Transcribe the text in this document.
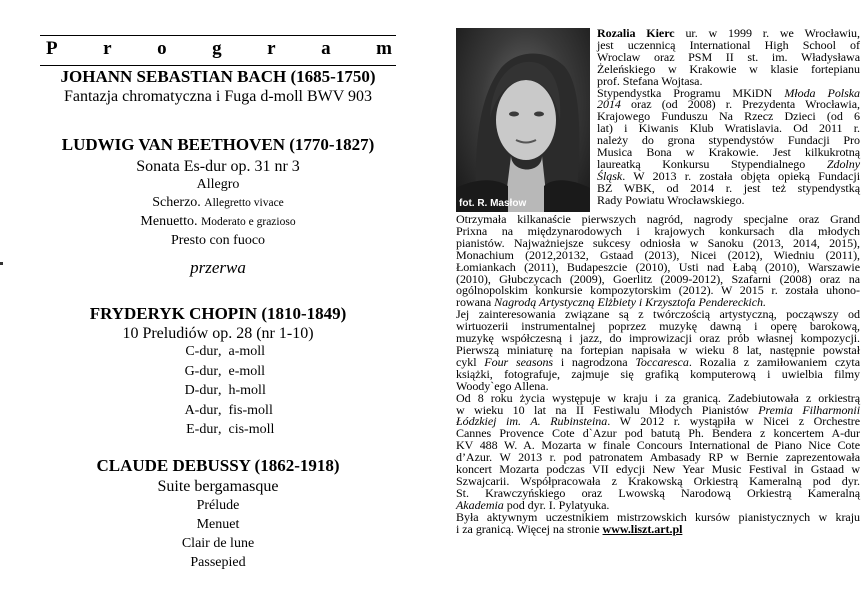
P r o g r a m
JOHANN SEBASTIAN BACH (1685-1750)
Fantazja chromatyczna i Fuga d-moll BWV 903
LUDWIG VAN BEETHOVEN (1770-1827)
Sonata Es-dur op. 31 nr 3
Allegro
Scherzo. Allegretto vivace
Menuetto. Moderato e grazioso
Presto con fuoco
przerwa
FRYDERYK CHOPIN (1810-1849)
10 Preludiów op. 28 (nr 1-10)
C-dur , a-moll
G-dur , e-moll
D-dur , h-moll
A-dur , fis-moll
E-dur , cis-moll
CLAUDE DEBUSSY (1862-1918)
Suite bergamasque
Prélude
Menuet
Clair de lune
Passepied
fot. R. Masłow
Rozalia Kierc ur. w 1999 r. we Wrocławiu,
jest uczennicą International High School of
Wroclaw oraz PSM II st. im. Władysława
Żeleńskiego w Krakowie w klasie fortepianu
prof. Stefana Wojtasa.
Stypendystka Programu MKiDN Młoda Polska
2014 oraz (od 2008) r. Prezydenta Wrocławia,
Krajowego Funduszu Na Rzecz Dzieci (od 6
lat) i Kiwanis Klub Wratislavia. Od 2011 r.
należy do grona stypendystów Fundacji Pro
Musica Bona w Krakowie. Jest kilkukrotną
laureatką Konkursu Stypendialnego Zdolny
Śląsk. W 2013 r. została objęta opieką Fundacji
BZ WBK, od 2014 r. jest też stypendystką
Rady Powiatu Wrocławskiego.
Otrzymała kilkanaście pierwszych nagród, nagrody specjalne oraz Grand
Prixna na międzynarodowych i krajowych konkursach dla młodych
pianistów. Najważniejsze sukcesy odniosła w Sanoku (2013, 2014, 2015),
Monachium (2012,20132, Gstaad (2013), Nicei (2012), Wiedniu (2011),
Łomiankach (2011), Budapeszcie (2010), Usti nad Łabą (2010), Warszawie
(2010), Głubczycach (2009), Goerlitz (2009-2012), Szafarni (2008) oraz na
ogólnopolskim konkursie kompozytorskim (2012). W 2015 r. została uhono-
rowana Nagrodą Artystyczną Elżbiety i Krzysztofa Pendereckich.
Jej zainteresowania związane są z twórczością artystyczną, począwszy od
wirtuozerii instrumentalnej poprzez muzykę dawną i operę barokową,
muzykę współczesną i jazz, do improwizacji oraz prób własnej kompozycji.
Pierwszą miniaturę na fortepian napisała w wieku 8 lat, następnie powstał
cykl Four seasons i nagrodzona Toccaresca. Rozalia z zamiłowaniem czyta
książki, fotografuje, zajmuje się grafiką komputerową i uwielbia filmy
Woody`ego Allena.
Od 8 roku życia występuje w kraju i za granicą. Zadebiutowała z orkiestrą
w wieku 10 lat na II Festiwalu Młodych Pianistów Premia Filharmonii
Łódzkiej im. A. Rubinsteina. W 2012 r. wystąpiła w Nicei z Orchestre
Cannes Provence Cote d`Azur pod batutą Ph. Bendera z koncertem A-dur
KV 488 W. A. Mozarta w finale Concours International de Piano Nice Cote
d’Azur. W 2013 r. pod patronatem Ambasady RP w Bernie zaprezentowała
koncert Mozarta podczas VII edycji New Year Music Festival in Gstaad w
Szwajcarii. Współpracowała z Krakowską Orkiestrą Kameralną pod dyr.
St. Krawczyńskiego oraz Lwowską Narodową Orkiestrą Kameralną
Akademia pod dyr. I. Pylatyuka.
Była aktywnym uczestnikiem mistrzowskich kursów pianistycznych w kraju
i za granicą. Więcej na stronie www.liszt.art.pl
